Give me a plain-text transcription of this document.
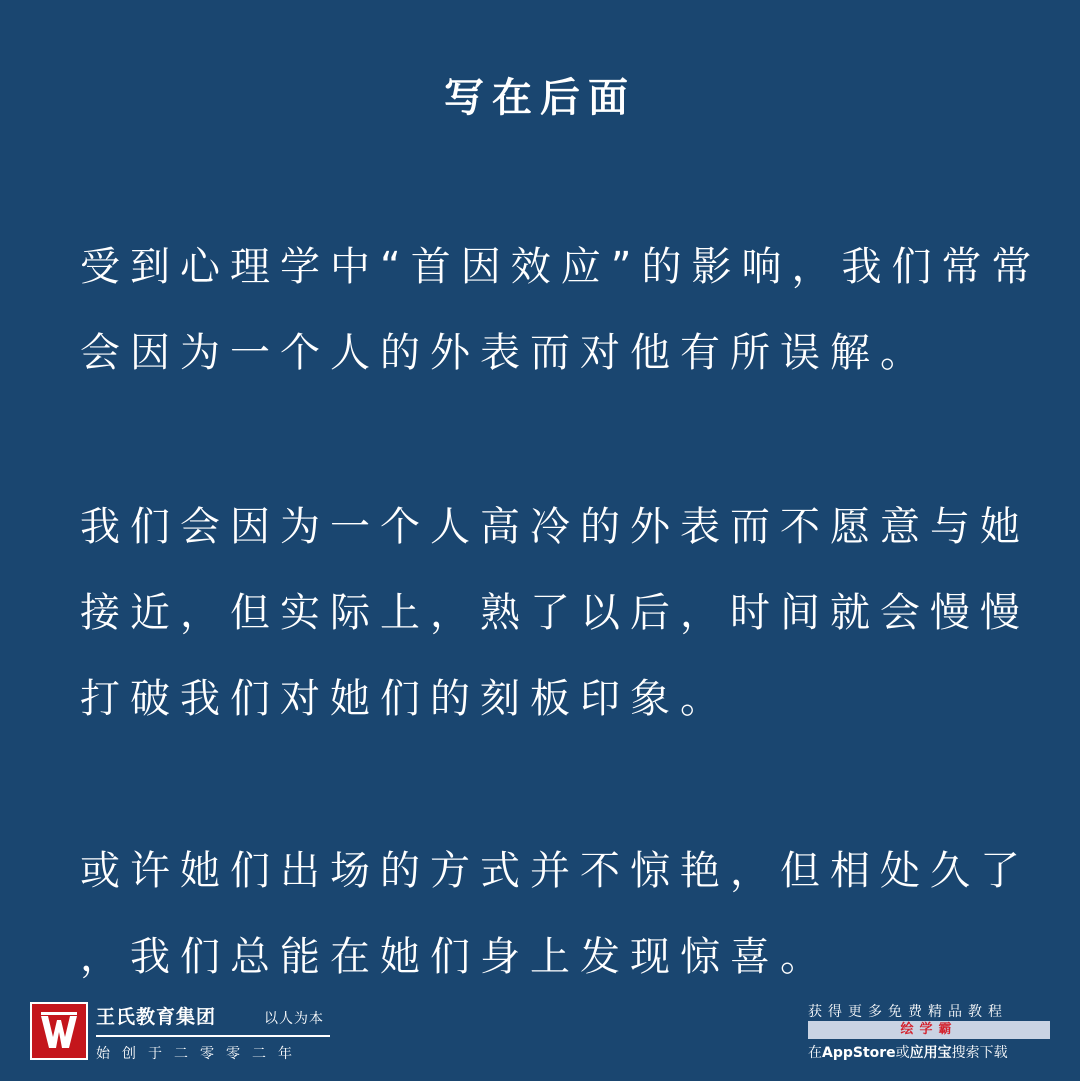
写在后面
受到心理学中“首因效应”的影响，我们常常
会因为一个人的外表而对他有所误解。
我们会因为一个人高冷的外表而不愿意与她
接近，但实际上，熟了以后，时间就会慢慢
打破我们对她们的刻板印象。
或许她们出场的方式并不惊艳，但相处久了
，我们总能在她们身上发现惊喜。
王氏教育集团	以人为本
始创于二零零二年
获得更多免费精品教程
绘学霸
在AppStore或应用宝搜索下载
